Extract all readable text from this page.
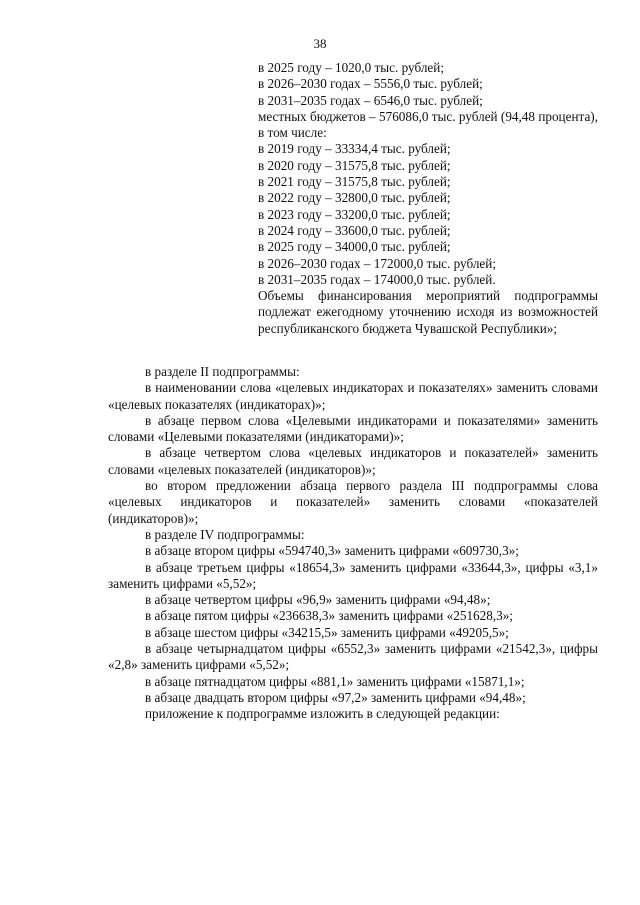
38
в 2025 году – 1020,0 тыс. рублей;
в 2026–2030 годах – 5556,0 тыс. рублей;
в 2031–2035 годах – 6546,0 тыс. рублей;
местных бюджетов – 576086,0 тыс. рублей (94,48 процента), в том числе:
в 2019 году – 33334,4 тыс. рублей;
в 2020 году – 31575,8 тыс. рублей;
в 2021 году – 31575,8 тыс. рублей;
в 2022 году – 32800,0 тыс. рублей;
в 2023 году – 33200,0 тыс. рублей;
в 2024 году – 33600,0 тыс. рублей;
в 2025 году – 34000,0 тыс. рублей;
в 2026–2030 годах – 172000,0 тыс. рублей;
в 2031–2035 годах – 174000,0 тыс. рублей.
Объемы финансирования мероприятий подпрограммы подлежат ежегодному уточнению исходя из возможностей республиканского бюджета Чувашской Республики»;

в разделе II подпрограммы:

в наименовании слова «целевых индикаторах и показателях» заменить словами «целевых показателях (индикаторах)»;

в абзаце первом слова «Целевыми индикаторами и показателями» заменить словами «Целевыми показателями (индикаторами)»;

в абзаце четвертом слова «целевых индикаторов и показателей» заменить словами «целевых показателей (индикаторов)»;

во втором предложении абзаца первого раздела III подпрограммы слова «целевых индикаторов и показателей» заменить словами «показателей (индикаторов)»;

в разделе IV подпрограммы:

в абзаце втором цифры «594740,3» заменить цифрами «609730,3»;

в абзаце третьем цифры «18654,3» заменить цифрами «33644,3», цифры «3,1» заменить цифрами «5,52»;

в абзаце четвертом цифры «96,9» заменить цифрами «94,48»;

в абзаце пятом цифры «236638,3» заменить цифрами «251628,3»;

в абзаце шестом цифры «34215,5» заменить цифрами «49205,5»;

в абзаце четырнадцатом цифры «6552,3» заменить цифрами «21542,3», цифры «2,8» заменить цифрами «5,52»;

в абзаце пятнадцатом цифры «881,1» заменить цифрами «15871,1»;

в абзаце двадцать втором цифры «97,2» заменить цифрами «94,48»;

приложение к подпрограмме изложить в следующей редакции:
